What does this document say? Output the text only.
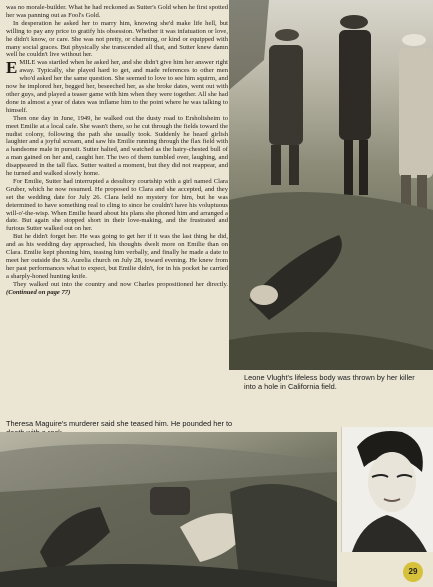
was no morale-builder. What he had reckoned as Sutter's Gold when he first spotted her was panning out as Fool's Gold.

In desperation he asked her to marry him, knowing she'd make life hell, but willing to pay any price to gratify his obsession. Whether it was infatuation or love, he didn't know, or care. She was not pretty, or charming, or kind or equipped with many social graces. But physically she transcended all that, and Sutter knew damn well he couldn't live without her.

EMILE was startled when he asked her, and she didn't give him her answer right away. Typically, she played hard to get, and made references to other men who'd asked her the same question. She seemed to love to see him squirm, and now he implored her, begged her, beseeched her, as she broke dates, went out with other guys, and played a teaser game with him when they were together. All she had done in almost a year of dates was inflame him to the point where he was talking to himself.

Then one day in June, 1949, he walked out the dusty road to Ersholtsheim to meet Emilie at a local cafe. She wasn't there, so he cut through the fields toward the nudist colony, following the path she usually took. Suddenly he heard girlish laughter and a joyful scream, and saw his Emilie running through the flax field with a handsome male in pursuit. Sutter halted, and watched as the hairy-chested bull of a man gained on her and, caught her. The two of them tumbled over, laughing, and disappeared in the tall flax. Sutter waited a moment, but they did not reappear, and he turned and walked slowly home.

For Emilie, Sutter had interrupted a desultory courtship with a girl named Clara Gruber, which he now resumed. He proposed to Clara and she accepted, and they set the wedding date for July 26. Clara held no mystery for him, but he was determined to have something real to cling to since he couldn't have his voluptuous will-o'-the-wisp. When Emilie heard about his plans she phoned him and arranged a date. But again she stopped short in their love-making, and the frustrated and furious Sutter walked out on her.

But he didn't forget her. He was going to get her if it was the last thing he did, and as his wedding day approached, his thoughts dwelt more on Emilie than on Clara. Emilie kept phoning him, teasing him verbally, and finally he made a date to meet her outside the St. Aurelia church on July 28, toward evening. He knew from her past performances what to expect, but Emilie didn't, for in his pocket he carried a sharply-honed hunting knife.

They walked out into the country and now Charles propositioned her directly. (Continued on page 77)

Leone Vlught's lifeless body was thrown by her killer into a hole in California field.
Theresa Maguire's murderer said she teased him. He pounded her to
29
